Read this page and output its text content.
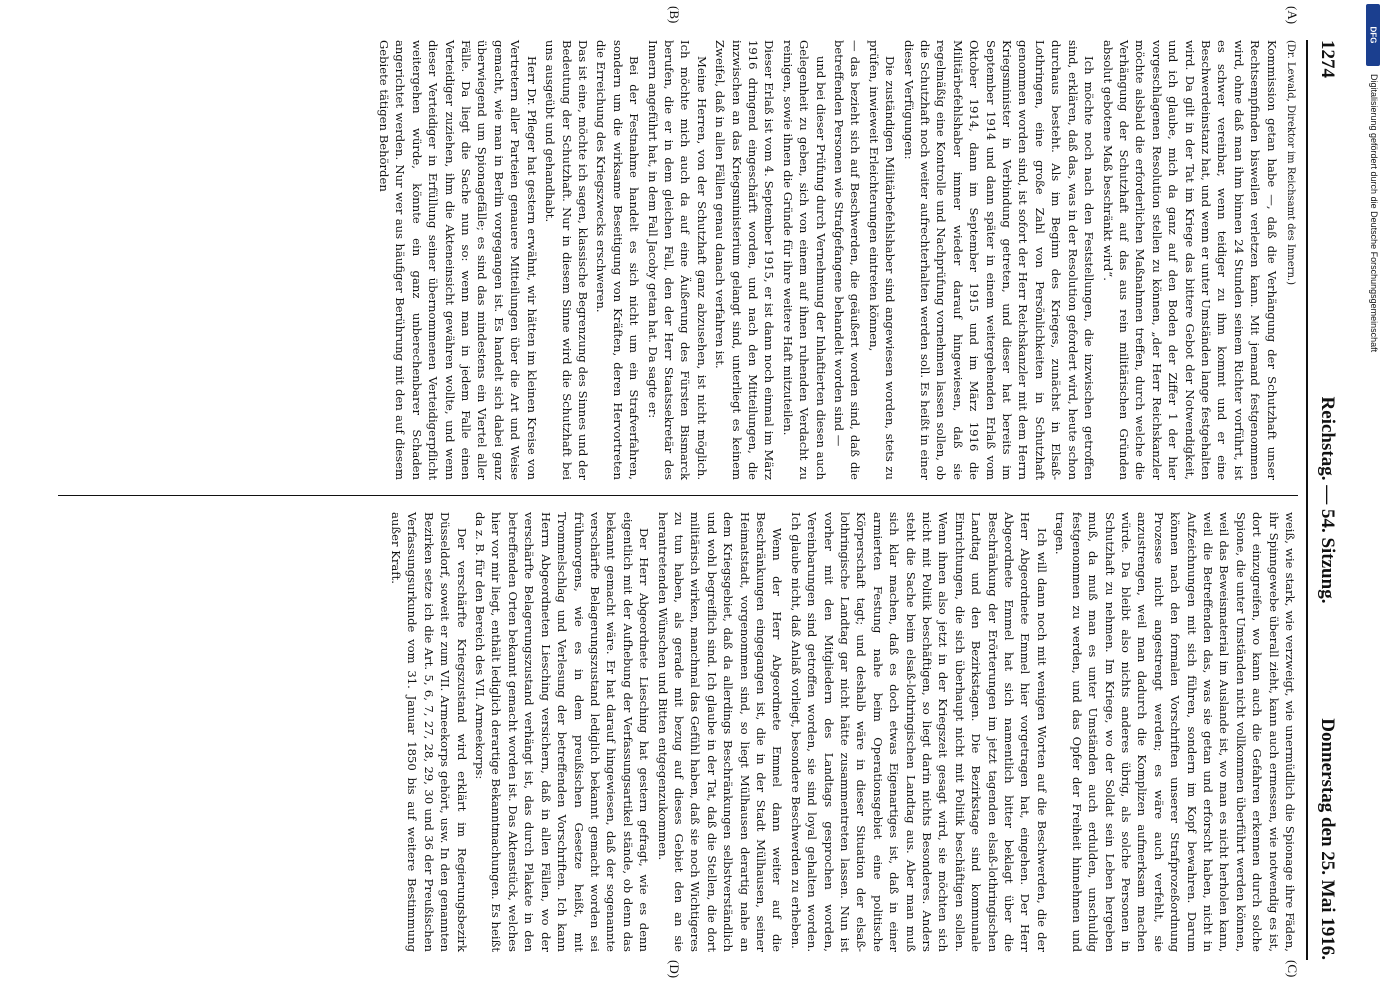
1274
Reichstag. — 54. Sitzung.
Donnerstag den 25. Mai 1916.
(A)
(B)
(C)
(D)

(Dr. Lewald, Direktor im Reichsamt des Innern.)

Kommission getan habe —, daß die Verhängung der Schutzhaft unser Rechtsempfinden bisweilen verletzen kann. Mit jemand festgenommen wird, ohne daß man ihm binnen 24 Stunden seinem Richter vorführt, ist es schwer vereinbar, wenn teidiger zu ihm kommt und er eine Beschwerdeinstanz hat, und wenn er unter Umständen lange festgehalten wird. Da gilt in der Tat im Kriege das bittere Gebot der Notwendigkeit, und ich glaube, mich da ganz auf den Boden der Ziffer 1 der hier vorgeschlagenen Resolution stellen zu können, „der Herr Reichskanzler möchte alsbald die erforderlichen Maßnahmen treffen, durch welche die Verhängung der Schutzhaft auf das aus rein militärischen Gründen absolut gebotene Maß beschränkt wird“.

Ich möchte noch nach den Feststellungen, die inzwischen getroffen sind, erklären, daß das, was in der Resolution gefordert wird, heute schon durchaus besteht. Als im Beginn des Krieges, zunächst in Elsaß-Lothringen, eine große Zahl von Persönlichkeiten in Schutzhaft genommen worden sind, ist sofort der Herr Reichskanzler mit dem Herrn Kriegsminister in Verbindung getreten, und dieser hat bereits im September 1914 und dann später in einem weitergehenden Erlaß vom Oktober 1914, dann im September 1915 und im März 1916 die Militärbefehlshaber immer wieder darauf hingewiesen, daß sie regelmäßig eine Kontrolle und Nachprüfung vornehmen lassen sollen, ob die Schutzhaft noch weiter aufrechterhalten werden soll. Es heißt in einer dieser Verfügungen:

Die zuständigen Militärbefehlshaber sind angewiesen worden, stets zu prüfen, inwieweit Erleichterungen eintreten können,

— das bezieht sich auf Beschwerden, die geäußert worden sind, daß die betreffenden Personen wie Strafgefangene behandelt worden sind —

und bei dieser Prüfung durch Vernehmung der Inhaftierten diesen auch Gelegenheit zu geben, sich von einem auf ihnen ruhenden Verdacht zu reinigen, sowie ihnen die Gründe für ihre weitere Haft mitzuteilen.

Dieser Erlaß ist vom 4. September 1915, er ist dann noch einmal im März 1916 dringend eingeschärft worden, und nach den Mitteilungen, die inzwischen an das Kriegsministerium gelangt sind, unterliegt es keinem Zweifel, daß in allen Fällen genau danach verfahren ist.

Meine Herren, von der Schutzhaft ganz abzusehen, ist nicht möglich. Ich möchte mich auch da auf eine Äußerung des Fürsten Bismarck berufen, die er in dem gleichen Fall, den der Herr Staatssekretär des Innern angeführt hat, in dem Fall Jacoby getan hat. Da sagte er:

Bei der Festnahme handelt es sich nicht um ein Strafverfahren, sondern um die wirksame Beseitigung von Kräften, deren Hervortreten die Erreichung des Kriegszwecks erschweren.

Das ist eine, möchte ich sagen, klassische Begrenzung des Sinnes und der Bedeutung der Schutzhaft. Nur in diesem Sinne wird die Schutzhaft bei uns ausgeübt und gehandhabt.

Herr Dr. Pfleger hat gestern erwähnt, wir hätten im kleinen Kreise von Vertretern aller Parteien genauere Mitteilungen über die Art und Weise gemacht, wie man in Berlin vorgegangen ist. Es handelt sich dabei ganz überwiegend um Spionagefälle; es sind das mindestens ein Viertel aller Fälle. Da liegt die Sache nun so: wenn man in jedem Falle einen Verteidiger zuziehen, ihm die Akteneinsicht gewähren wollte, und wenn dieser Verteidiger in Erfüllung seiner übernommenen Verteidigerpflicht weitergehen würde, könnte ein ganz unberechenbarer Schaden angerichtet werden. Nur wer aus häufiger Berührung mit den auf diesem Gebiete tätigen Behörden

weiß, wie stark, wie verzweigt, wie unermüdlich die Spionage ihre Fäden, ihr Spinngewebe überall zieht, kann auch ermessen, wie notwendig es ist, dort einzugreifen, wo kann auch die Gefahren erkennen durch solche Spione, die unter Umständen nicht vollkommen überführt werden können, weil das Beweismaterial im Auslande ist, wo man es nicht herholen kann, weil die Betreffenden das, was sie getan und erforscht haben, nicht in Aufzeichnungen mit sich führen, sondern im Kopf bewahren. Darum können nach den formalen Vorschriften unserer Strafprozeßordnung Prozesse nicht angestrengt werden; es wäre auch verfehlt, sie anzustrengen, weil man dadurch die Komplizen aufmerksam machen würde. Da bleibt also nichts anderes übrig, als solche Personen in Schutzhaft zu nehmen. Im Kriege, wo der Soldat sein Leben hergeben muß, da muß man es unter Umständen auch erdulden, unschuldig festgenommen zu werden, und das Opfer der Freiheit hinnehmen und tragen.

Ich will dann noch mit wenigen Worten auf die Beschwerden, die der Herr Abgeordnete Emmel hier vorgetragen hat, eingehen. Der Herr Abgeordnete Emmel hat sich namentlich bitter beklagt über die Beschränkung der Erörterungen im jetzt tagenden elsaß-lothringischen Landtag und den Bezirkstagen. Die Bezirkstage sind kommunale Einrichtungen, die sich überhaupt nicht mit Politik beschäftigen sollen. Wenn ihnen also jetzt in der Kriegszeit gesagt wird, sie möchten sich nicht mit Politik beschäftigen, so liegt darin nichts Besonderes. Anders steht die Sache beim elsaß-lothringischen Landtag aus. Aber man muß sich klar machen, daß es doch etwas Eigenartiges ist, daß in einer armierten Festung nahe beim Operationsgebiet eine politische Körperschaft tagt; und deshalb wäre in dieser Situation der elsaß-lothringische Landtag gar nicht hätte zusammentreten lassen. Nun ist vorher mit den Mitgliedern des Landtags gesprochen worden, Vereinbarungen sind getroffen worden, sie sind loyal gehalten worden. Ich glaube nicht, daß Anlaß vorliegt, besondere Beschwerden zu erheben.

Wenn der Herr Abgeordnete Emmel dann weiter auf die Beschränkungen eingegangen ist, die in der Stadt Mülhausen, seiner Heimatstadt, vorgenommen sind, so liegt Mülhausen derartig nahe an dem Kriegsgebiet, daß da allerdings Beschränkungen selbstverständlich und wohl begreiflich sind. Ich glaube in der Tat, daß die Stellen, die dort militärisch wirken, manchmal das Gefühl haben, daß sie noch Wichtigeres zu tun haben, als gerade mit bezug auf dieses Gebiet den an sie herantretenden Wünschen und Bitten entgegenzukommen.

Der Herr Abgeordnete Liesching hat gestern gefragt, wie es denn eigentlich mit der Aufhebung der Verfassungsartikel stände, ob denn das bekannt gemacht wäre. Er hat darauf hingewiesen, daß der sogenannte verschärfte Belagerungszustand lediglich bekannt gemacht worden sei frühmorgens, wie es in dem preußischen Gesetze heißt, mit Trommelschlag und Verlesung der betreffenden Vorschriften. Ich kann Herrn Abgeordneten Liesching versichern, daß in allen Fällen, wo der verschärfte Belagerungszustand verhängt ist, das durch Plakate in den betreffenden Orten bekannt gemacht worden ist. Das Aktenstück, welches hier vor mir liegt, enthält lediglich derartige Bekanntmachungen. Es heißt da z. B. für den Bereich des VII. Armeekorps:

Der verschärfte Kriegszustand wird erklärt im Regierungsbezirk Düsseldorf, soweit er zum VII. Armeekorps gehört, usw. In den genannten Bezirken setze ich die Art. 5, 6, 7, 27, 28, 29, 30 und 36 der Preußischen Verfassungsurkunde vom 31. Januar 1850 bis auf weitere Bestimmung außer Kraft.

DFG
Digitalisierung gefördert durch die Deutsche Forschungsgemeinschaft
